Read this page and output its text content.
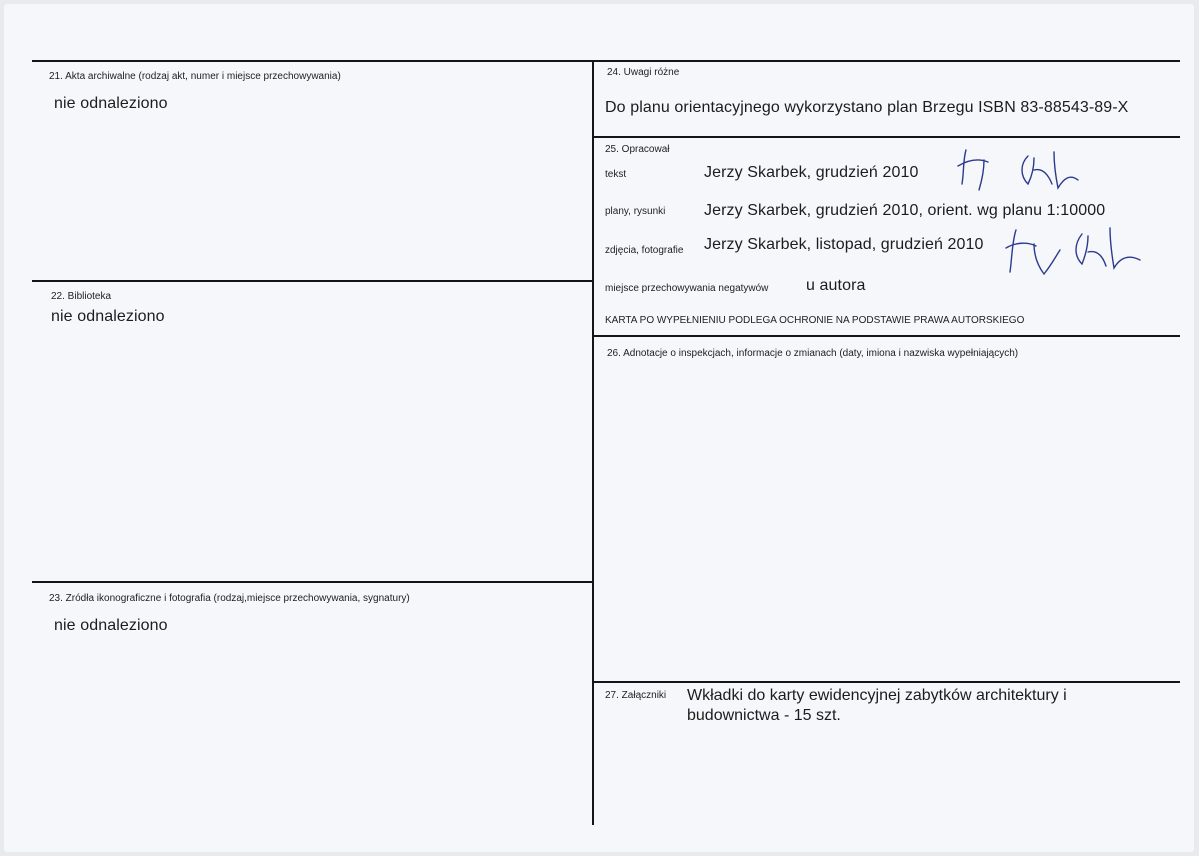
21. Akta archiwalne (rodzaj akt, numer i miejsce przechowywania)
nie odnaleziono
22. Biblioteka
nie odnaleziono
23. Zródła ikonograficzne i fotografia (rodzaj,miejsce przechowywania, sygnatury)
nie odnaleziono
24. Uwagi różne
Do planu orientacyjnego wykorzystano plan Brzegu ISBN 83-88543-89-X
25. Opracował
tekst	Jerzy Skarbek, grudzień 2010
plany, rysunki Jerzy Skarbek, grudzień 2010, orient. wg planu 1:10000
zdjęcia, fotografie Jerzy Skarbek, listopad, grudzień 2010
miejsce przechowywania negatywów u autora
KARTA PO WYPEŁNIENIU PODLEGA OCHRONIE NA PODSTAWIE PRAWA AUTORSKIEGO
26. Adnotacje o inspekcjach, informacje o zmianach (daty, imiona i nazwiska wypełniających)
27. Załączniki Wkładki do karty ewidencyjnej zabytków architektury i budownictwa - 15 szt.
